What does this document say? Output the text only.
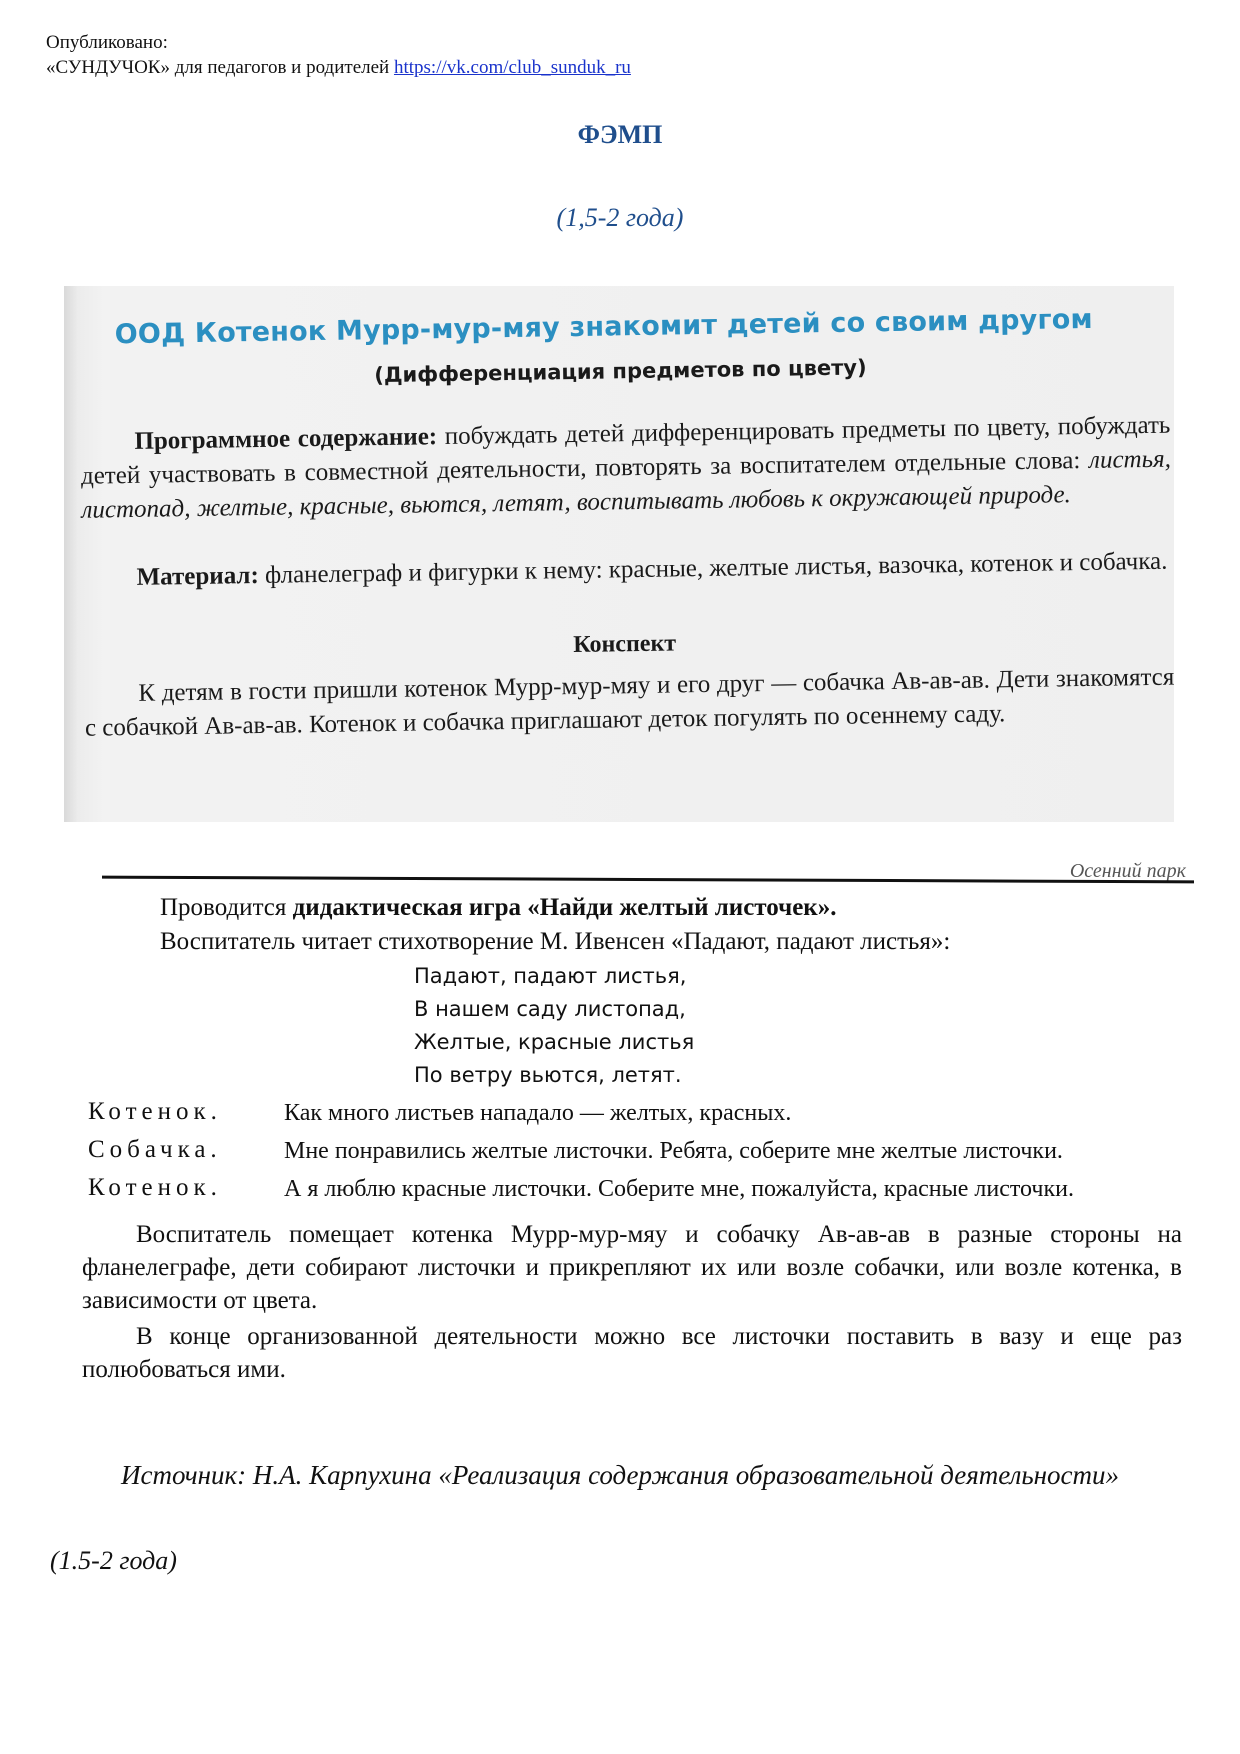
Опубликовано:
«СУНДУЧОК» для педагогов и родителей https://vk.com/club_sunduk_ru
ФЭМП
(1,5-2 года)
ООД Котенок Мурр-мур-мяу знакомит детей со своим другом
(Дифференциация предметов по цвету)
Программное содержание: побуждать детей дифференцировать предметы по цвету, побуждать детей участвовать в совместной деятельности, повторять за воспитателем отдельные слова: листья, листопад, желтые, красные, вьются, летят, воспитывать любовь к окружающей природе.
Материал: фланелеграф и фигурки к нему: красные, желтые листья, вазочка, котенок и собачка.
Конспект
К детям в гости пришли котенок Мурр-мур-мяу и его друг — собачка Ав-ав-ав. Дети знакомятся с собачкой Ав-ав-ав. Котенок и собачка приглашают деток погулять по осеннему саду.
Осенний парк
Проводится дидактическая игра «Найди желтый листочек».
Воспитатель читает стихотворение М. Ивенсен «Падают, падают листья»:
Падают, падают листья,
В нашем саду листопад,
Желтые, красные листья
По ветру вьются, летят.
Котенок.	Как много листьев нападало — желтых, красных.
Собачка.	Мне понравились желтые листочки. Ребята, соберите мне желтые листочки.
Котенок.	А я люблю красные листочки. Соберите мне, пожалуйста, красные листочки.
Воспитатель помещает котенка Мурр-мур-мяу и собачку Ав-ав-ав в разные стороны на фланелеграфе, дети собирают листочки и прикрепляют их или возле собачки, или возле котенка, в зависимости от цвета.
В конце организованной деятельности можно все листочки поставить в вазу и еще раз полюбоваться ими.
Источник: Н.А. Карпухина «Реализация содержания образовательной деятельности»
(1.5-2 года)
